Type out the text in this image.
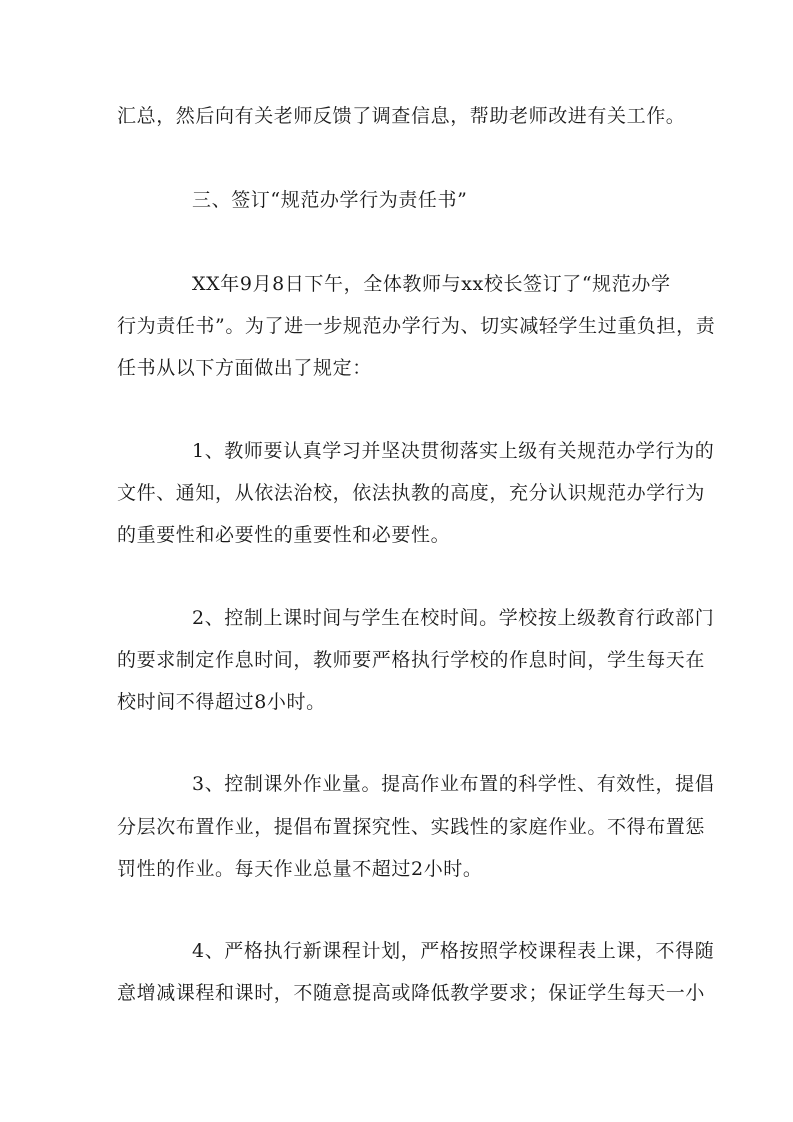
汇总，然后向有关老师反馈了调查信息，帮助老师改进有关工作。
三、签订“规范办学行为责任书”
XX年9月8日下午，全体教师与xx校长签订了“规范办学
行为责任书”。为了进一步规范办学行为、切实减轻学生过重负担，责
任书从以下方面做出了规定：
1、教师要认真学习并坚决贯彻落实上级有关规范办学行为的
文件、通知，从依法治校，依法执教的高度，充分认识规范办学行为
的重要性和必要性的重要性和必要性。
2、控制上课时间与学生在校时间。学校按上级教育行政部门
的要求制定作息时间，教师要严格执行学校的作息时间，学生每天在
校时间不得超过8小时。
3、控制课外作业量。提高作业布置的科学性、有效性，提倡
分层次布置作业，提倡布置探究性、实践性的家庭作业。不得布置惩
罚性的作业。每天作业总量不超过2小时。
4、严格执行新课程计划，严格按照学校课程表上课，不得随
意增减课程和课时，不随意提高或降低教学要求；保证学生每天一小
